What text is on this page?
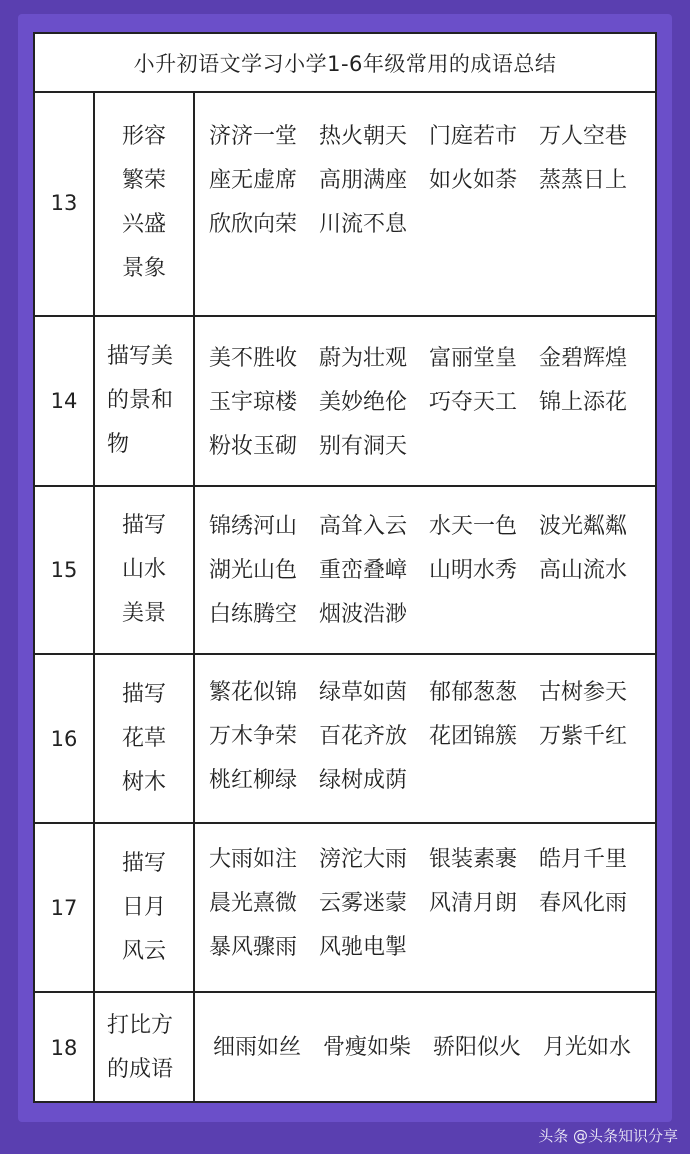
小升初语文学习小学1-6年级常用的成语总结
13
形容
繁荣
兴盛
景象
济济一堂 热火朝天 门庭若市 万人空巷
座无虚席 高朋满座 如火如荼 蒸蒸日上
欣欣向荣 川流不息
14
描写美
的景和
物
美不胜收 蔚为壮观 富丽堂皇 金碧辉煌
玉宇琼楼 美妙绝伦 巧夺天工 锦上添花
粉妆玉砌 别有洞天
15
描写
山水
美景
锦绣河山 高耸入云 水天一色 波光粼粼
湖光山色 重峦叠嶂 山明水秀 高山流水
白练腾空 烟波浩渺
16
描写
花草
树木
繁花似锦 绿草如茵 郁郁葱葱 古树参天
万木争荣 百花齐放 花团锦簇 万紫千红
桃红柳绿 绿树成荫
17
描写
日月
风云
大雨如注 滂沱大雨 银装素裹 皓月千里
晨光熹微 云雾迷蒙 风清月朗 春风化雨
暴风骤雨 风驰电掣
18
打比方
的成语
细雨如丝 骨瘦如柴 骄阳似火 月光如水
头条 @头条知识分享
